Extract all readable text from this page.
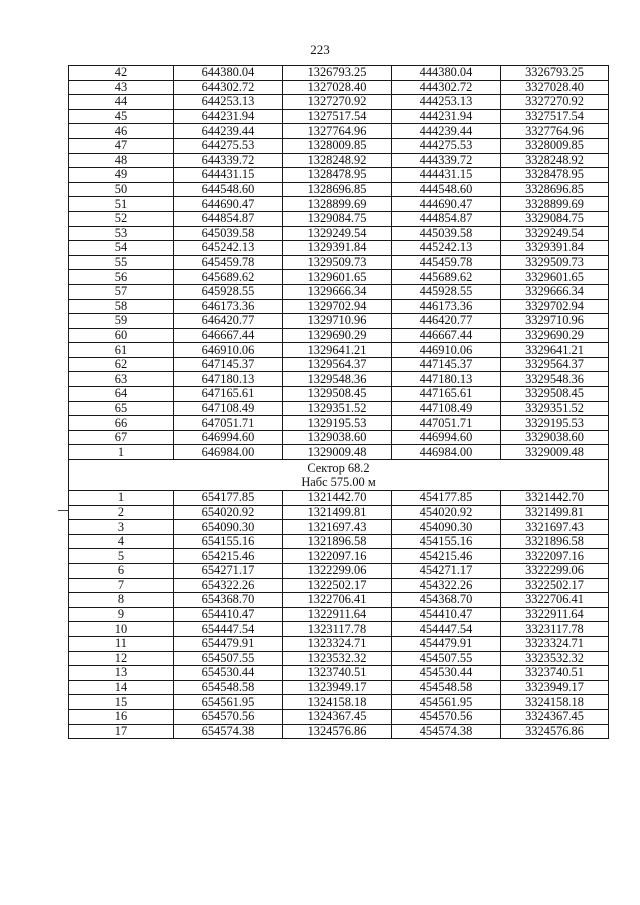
223
42	644380.04	1326793.25	444380.04	3326793.25
43	644302.72	1327028.40	444302.72	3327028.40
44	644253.13	1327270.92	444253.13	3327270.92
45	644231.94	1327517.54	444231.94	3327517.54
46	644239.44	1327764.96	444239.44	3327764.96
47	644275.53	1328009.85	444275.53	3328009.85
48	644339.72	1328248.92	444339.72	3328248.92
49	644431.15	1328478.95	444431.15	3328478.95
50	644548.60	1328696.85	444548.60	3328696.85
51	644690.47	1328899.69	444690.47	3328899.69
52	644854.87	1329084.75	444854.87	3329084.75
53	645039.58	1329249.54	445039.58	3329249.54
54	645242.13	1329391.84	445242.13	3329391.84
55	645459.78	1329509.73	445459.78	3329509.73
56	645689.62	1329601.65	445689.62	3329601.65
57	645928.55	1329666.34	445928.55	3329666.34
58	646173.36	1329702.94	446173.36	3329702.94
59	646420.77	1329710.96	446420.77	3329710.96
60	646667.44	1329690.29	446667.44	3329690.29
61	646910.06	1329641.21	446910.06	3329641.21
62	647145.37	1329564.37	447145.37	3329564.37
63	647180.13	1329548.36	447180.13	3329548.36
64	647165.61	1329508.45	447165.61	3329508.45
65	647108.49	1329351.52	447108.49	3329351.52
66	647051.71	1329195.53	447051.71	3329195.53
67	646994.60	1329038.60	446994.60	3329038.60
1	646984.00	1329009.48	446984.00	3329009.48

Сектор 68.2
Набс 575.00 м				

1	654177.85	1321442.70	454177.85	3321442.70
2	654020.92	1321499.81	454020.92	3321499.81
3	654090.30	1321697.43	454090.30	3321697.43
4	654155.16	1321896.58	454155.16	3321896.58
5	654215.46	1322097.16	454215.46	3322097.16
6	654271.17	1322299.06	454271.17	3322299.06
7	654322.26	1322502.17	454322.26	3322502.17
8	654368.70	1322706.41	454368.70	3322706.41
9	654410.47	1322911.64	454410.47	3322911.64
10	654447.54	1323117.78	454447.54	3323117.78
11	654479.91	1323324.71	454479.91	3323324.71
12	654507.55	1323532.32	454507.55	3323532.32
13	654530.44	1323740.51	454530.44	3323740.51
14	654548.58	1323949.17	454548.58	3323949.17
15	654561.95	1324158.18	454561.95	3324158.18
16	654570.56	1324367.45	454570.56	3324367.45
17	654574.38	1324576.86	454574.38	3324576.86
